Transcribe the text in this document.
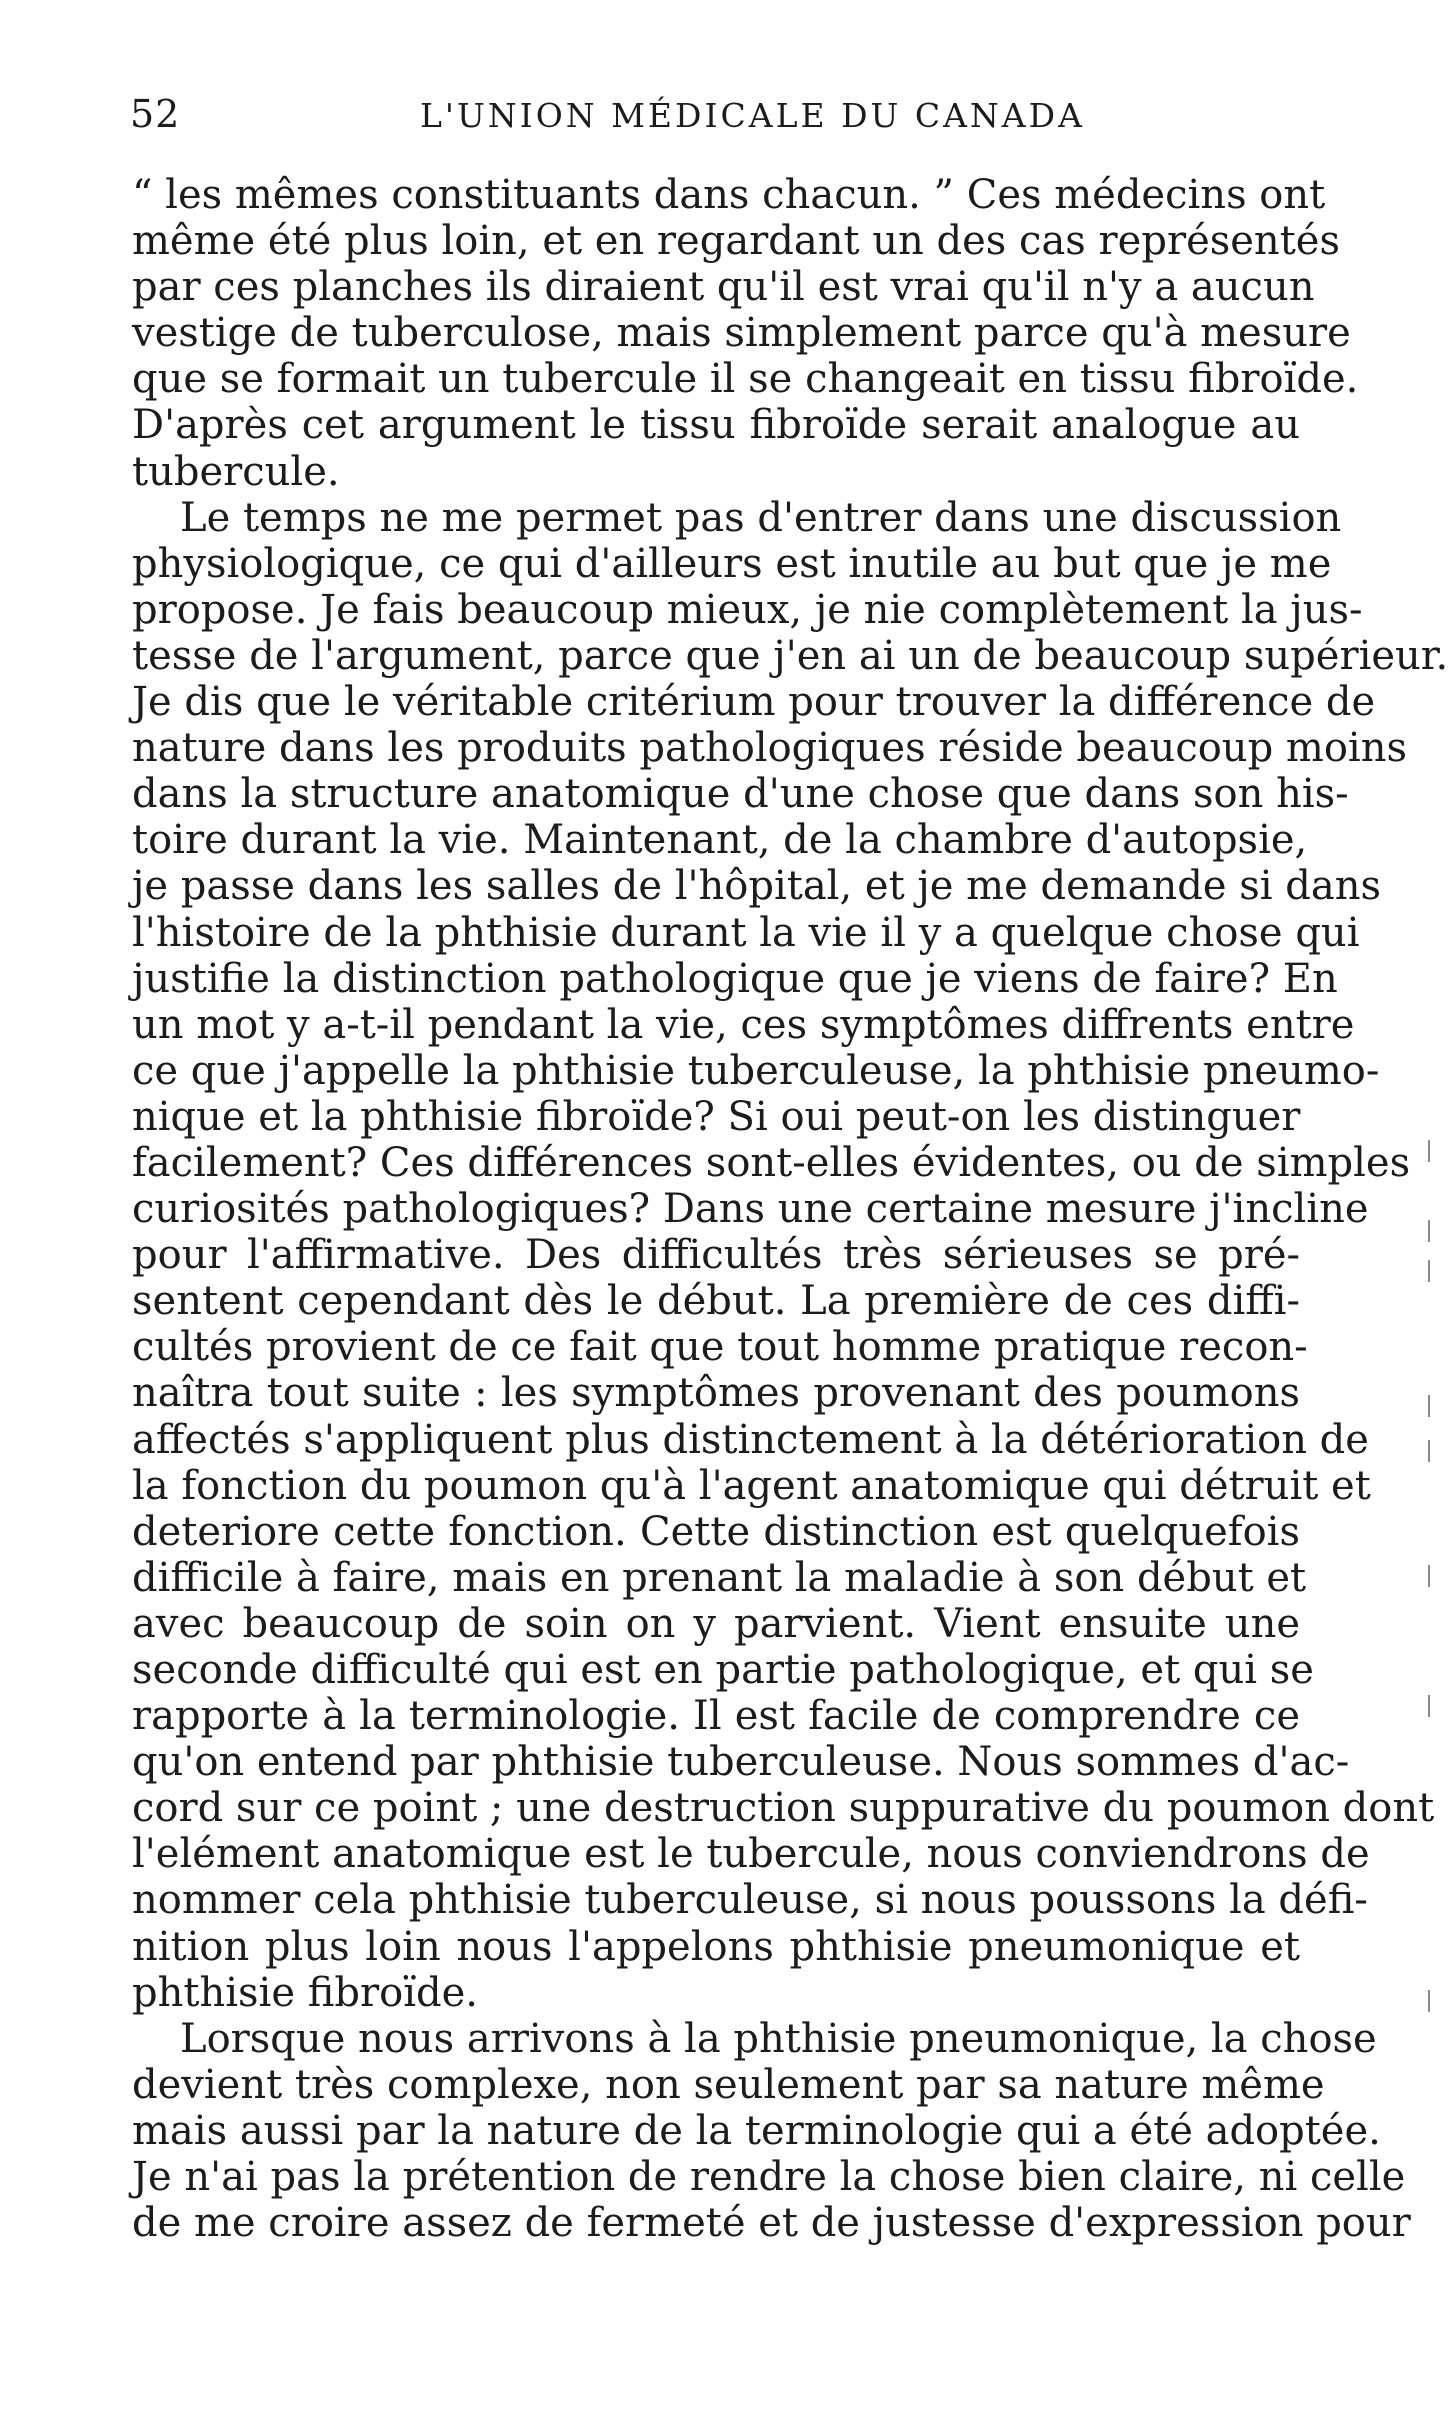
52	L'UNION MÉDICALE DU CANADA
“ les mêmes constituants dans chacun. ” Ces médecins ont
même été plus loin, et en regardant un des cas représentés
par ces planches ils diraient qu'il est vrai qu'il n'y a aucun
vestige de tuberculose, mais simplement parce qu'à mesure
que se formait un tubercule il se changeait en tissu fibroïde.
D'après cet argument le tissu fibroïde serait analogue au
tubercule.
Le temps ne me permet pas d'entrer dans une discussion
physiologique, ce qui d'ailleurs est inutile au but que je me
propose. Je fais beaucoup mieux, je nie complètement la jus-
tesse de l'argument, parce que j'en ai un de beaucoup supérieur.
Je dis que le véritable critérium pour trouver la différence de
nature dans les produits pathologiques réside beaucoup moins
dans la structure anatomique d'une chose que dans son his-
toire durant la vie. Maintenant, de la chambre d'autopsie,
je passe dans les salles de l'hôpital, et je me demande si dans
l'histoire de la phthisie durant la vie il y a quelque chose qui
justifie la distinction pathologique que je viens de faire? En
un mot y a-t-il pendant la vie, ces symptômes diffrents entre
ce que j'appelle la phthisie tuberculeuse, la phthisie pneumo-
nique et la phthisie fibroïde? Si oui peut-on les distinguer
facilement? Ces différences sont-elles évidentes, ou de simples
curiosités pathologiques? Dans une certaine mesure j'incline
pour l'affirmative. Des difficultés très sérieuses se pré-
sentent cependant dès le début. La première de ces diffi-
cultés provient de ce fait que tout homme pratique recon-
naîtra tout suite : les symptômes provenant des poumons
affectés s'appliquent plus distinctement à la détérioration de
la fonction du poumon qu'à l'agent anatomique qui détruit et
deteriore cette fonction. Cette distinction est quelquefois
difficile à faire, mais en prenant la maladie à son début et
avec beaucoup de soin on y parvient. Vient ensuite une
seconde difficulté qui est en partie pathologique, et qui se
rapporte à la terminologie. Il est facile de comprendre ce
qu'on entend par phthisie tuberculeuse. Nous sommes d'ac-
cord sur ce point ; une destruction suppurative du poumon dont
l'elément anatomique est le tubercule, nous conviendrons de
nommer cela phthisie tuberculeuse, si nous poussons la défi-
nition plus loin nous l'appelons phthisie pneumonique et
phthisie fibroïde.
Lorsque nous arrivons à la phthisie pneumonique, la chose
devient très complexe, non seulement par sa nature même
mais aussi par la nature de la terminologie qui a été adoptée.
Je n'ai pas la prétention de rendre la chose bien claire, ni celle
de me croire assez de fermeté et de justesse d'expression pour
